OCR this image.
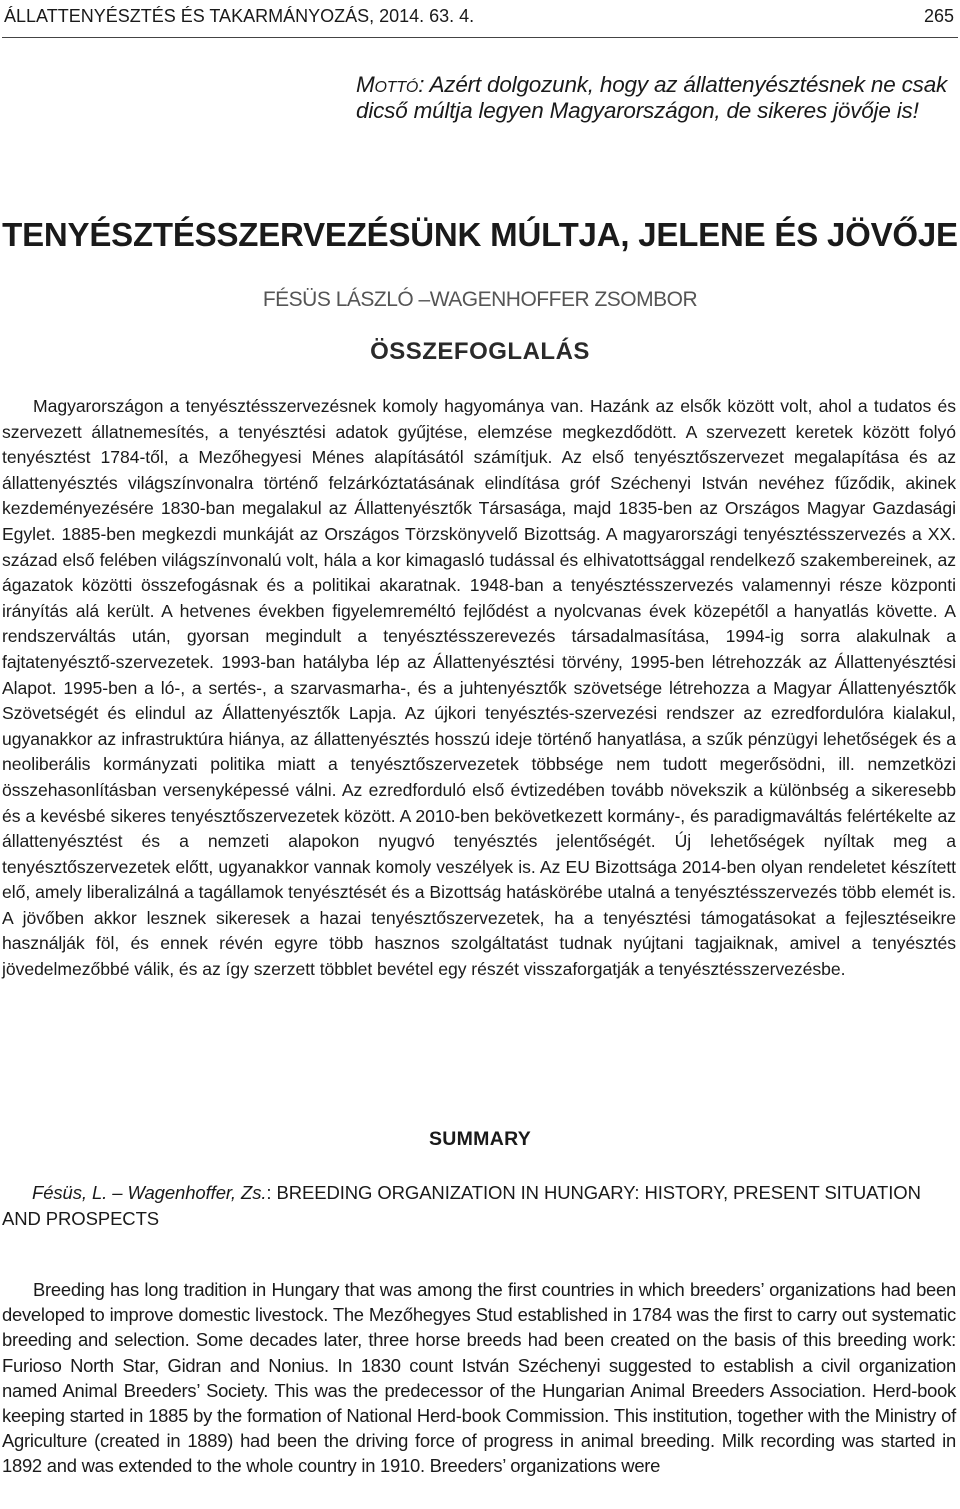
ÁLLATTENYÉSZTÉS ÉS TAKARMÁNYOZÁS, 2014. 63. 4.	265
Mottó: Azért dolgozunk, hogy az állattenyésztésnek ne csak dicső múltja legyen Magyarországon, de sikeres jövője is!
TENYÉSZTÉSSZERVEZÉSÜNK MÚLTJA, JELENE ÉS JÖVŐJE
FÉSÜS LÁSZLÓ –WAGENHOFFER ZSOMBOR
ÖSSZEFOGLALÁS

Magyarországon a tenyésztésszervezésnek komoly hagyománya van. Hazánk az elsők között volt, ahol a tudatos és szervezett állatnemesítés, a tenyésztési adatok gyűjtése, elemzése megkezdődött. A szervezett keretek között folyó tenyésztést 1784-től, a Mezőhegyesi Ménes alapításától számítjuk. Az első tenyésztőszervezet megalapítása és az állattenyésztés világszínvonalra történő felzárkóztatásának elindítása gróf Széchenyi István nevéhez fűződik, akinek kezdeményezésére 1830-ban megalakul az Állattenyésztők Társasága, majd 1835-ben az Országos Magyar Gazdasági Egylet. 1885-ben megkezdi munkáját az Országos Törzskönyvelő Bizottság. A magyarországi tenyésztésszervezés a XX. század első felében világszínvonalú volt, hála a kor kimagasló tudással és elhivatottsággal rendelkező szakembereinek, az ágazatok közötti összefogásnak és a politikai akaratnak. 1948-ban a tenyésztésszervezés valamennyi része központi irányítás alá került. A hetvenes években figyelemreméltó fejlődést a nyolcvanas évek közepétől a hanyatlás követte. A rendszerváltás után, gyorsan megindult a tenyésztésszerevezés társadalmasítása, 1994-ig sorra alakulnak a fajtatenyésztő-szervezetek. 1993-ban hatályba lép az Állattenyésztési törvény, 1995-ben létrehozzák az Állattenyésztési Alapot. 1995-ben a ló-, a sertés-, a szarvasmarha-, és a juhtenyésztők szövetsége létrehozza a Magyar Állattenyésztők Szövetségét és elindul az Állattenyésztők Lapja. Az újkori tenyésztés-szervezési rendszer az ezredfordulóra kialakul, ugyanakkor az infrastruktúra hiánya, az állattenyésztés hosszú ideje történő hanyatlása, a szűk pénzügyi lehetőségek és a neoliberális kormányzati politika miatt a tenyésztőszervezetek többsége nem tudott megerősödni, ill. nemzetközi összehasonlításban versenyképessé válni. Az ezredforduló első évtizedében tovább növekszik a különbség a sikeresebb és a kevésbé sikeres tenyésztőszervezetek között. A 2010-ben bekövetkezett kormány-, és paradigmaváltás felértékelte az állattenyésztést és a nemzeti alapokon nyugvó tenyésztés jelentőségét. Új lehetőségek nyíltak meg a tenyésztőszervezetek előtt, ugyanakkor vannak komoly veszélyek is. Az EU Bizottsága 2014-ben olyan rendeletet készített elő, amely liberalizálná a tagállamok tenyésztését és a Bizottság hatáskörébe utalná a tenyésztésszervezés több elemét is. A jövőben akkor lesznek sikeresek a hazai tenyésztőszervezetek, ha a tenyésztési támogatásokat a fejlesztéseikre használják föl, és ennek révén egyre több hasznos szolgáltatást tudnak nyújtani tagjaiknak, amivel a tenyésztés jövedelmezőbbé válik, és az így szerzett többlet bevétel egy részét visszaforgatják a tenyésztésszervezésbe.

SUMMARY

Fésüs, L. – Wagenhoffer, Zs.: BREEDING ORGANIZATION IN HUNGARY: HISTORY, PRESENT SITUATION AND PROSPECTS

Breeding has long tradition in Hungary that was among the first countries in which breeders’ organizations had been developed to improve domestic livestock. The Mezőhegyes Stud established in 1784 was the first to carry out systematic breeding and selection. Some decades later, three horse breeds had been created on the basis of this breeding work: Furioso North Star, Gidran and Nonius. In 1830 count István Széchenyi suggested to establish a civil organization named Animal Breeders’ Society. This was the predecessor of the Hungarian Animal Breeders Association. Herd-book keeping started in 1885 by the formation of National Herd-book Commission. This institution, together with the Ministry of Agriculture (created in 1889) had been the driving force of progress in animal breeding. Milk recording was started in 1892 and was extended to the whole country in 1910. Breeders’ organizations were
